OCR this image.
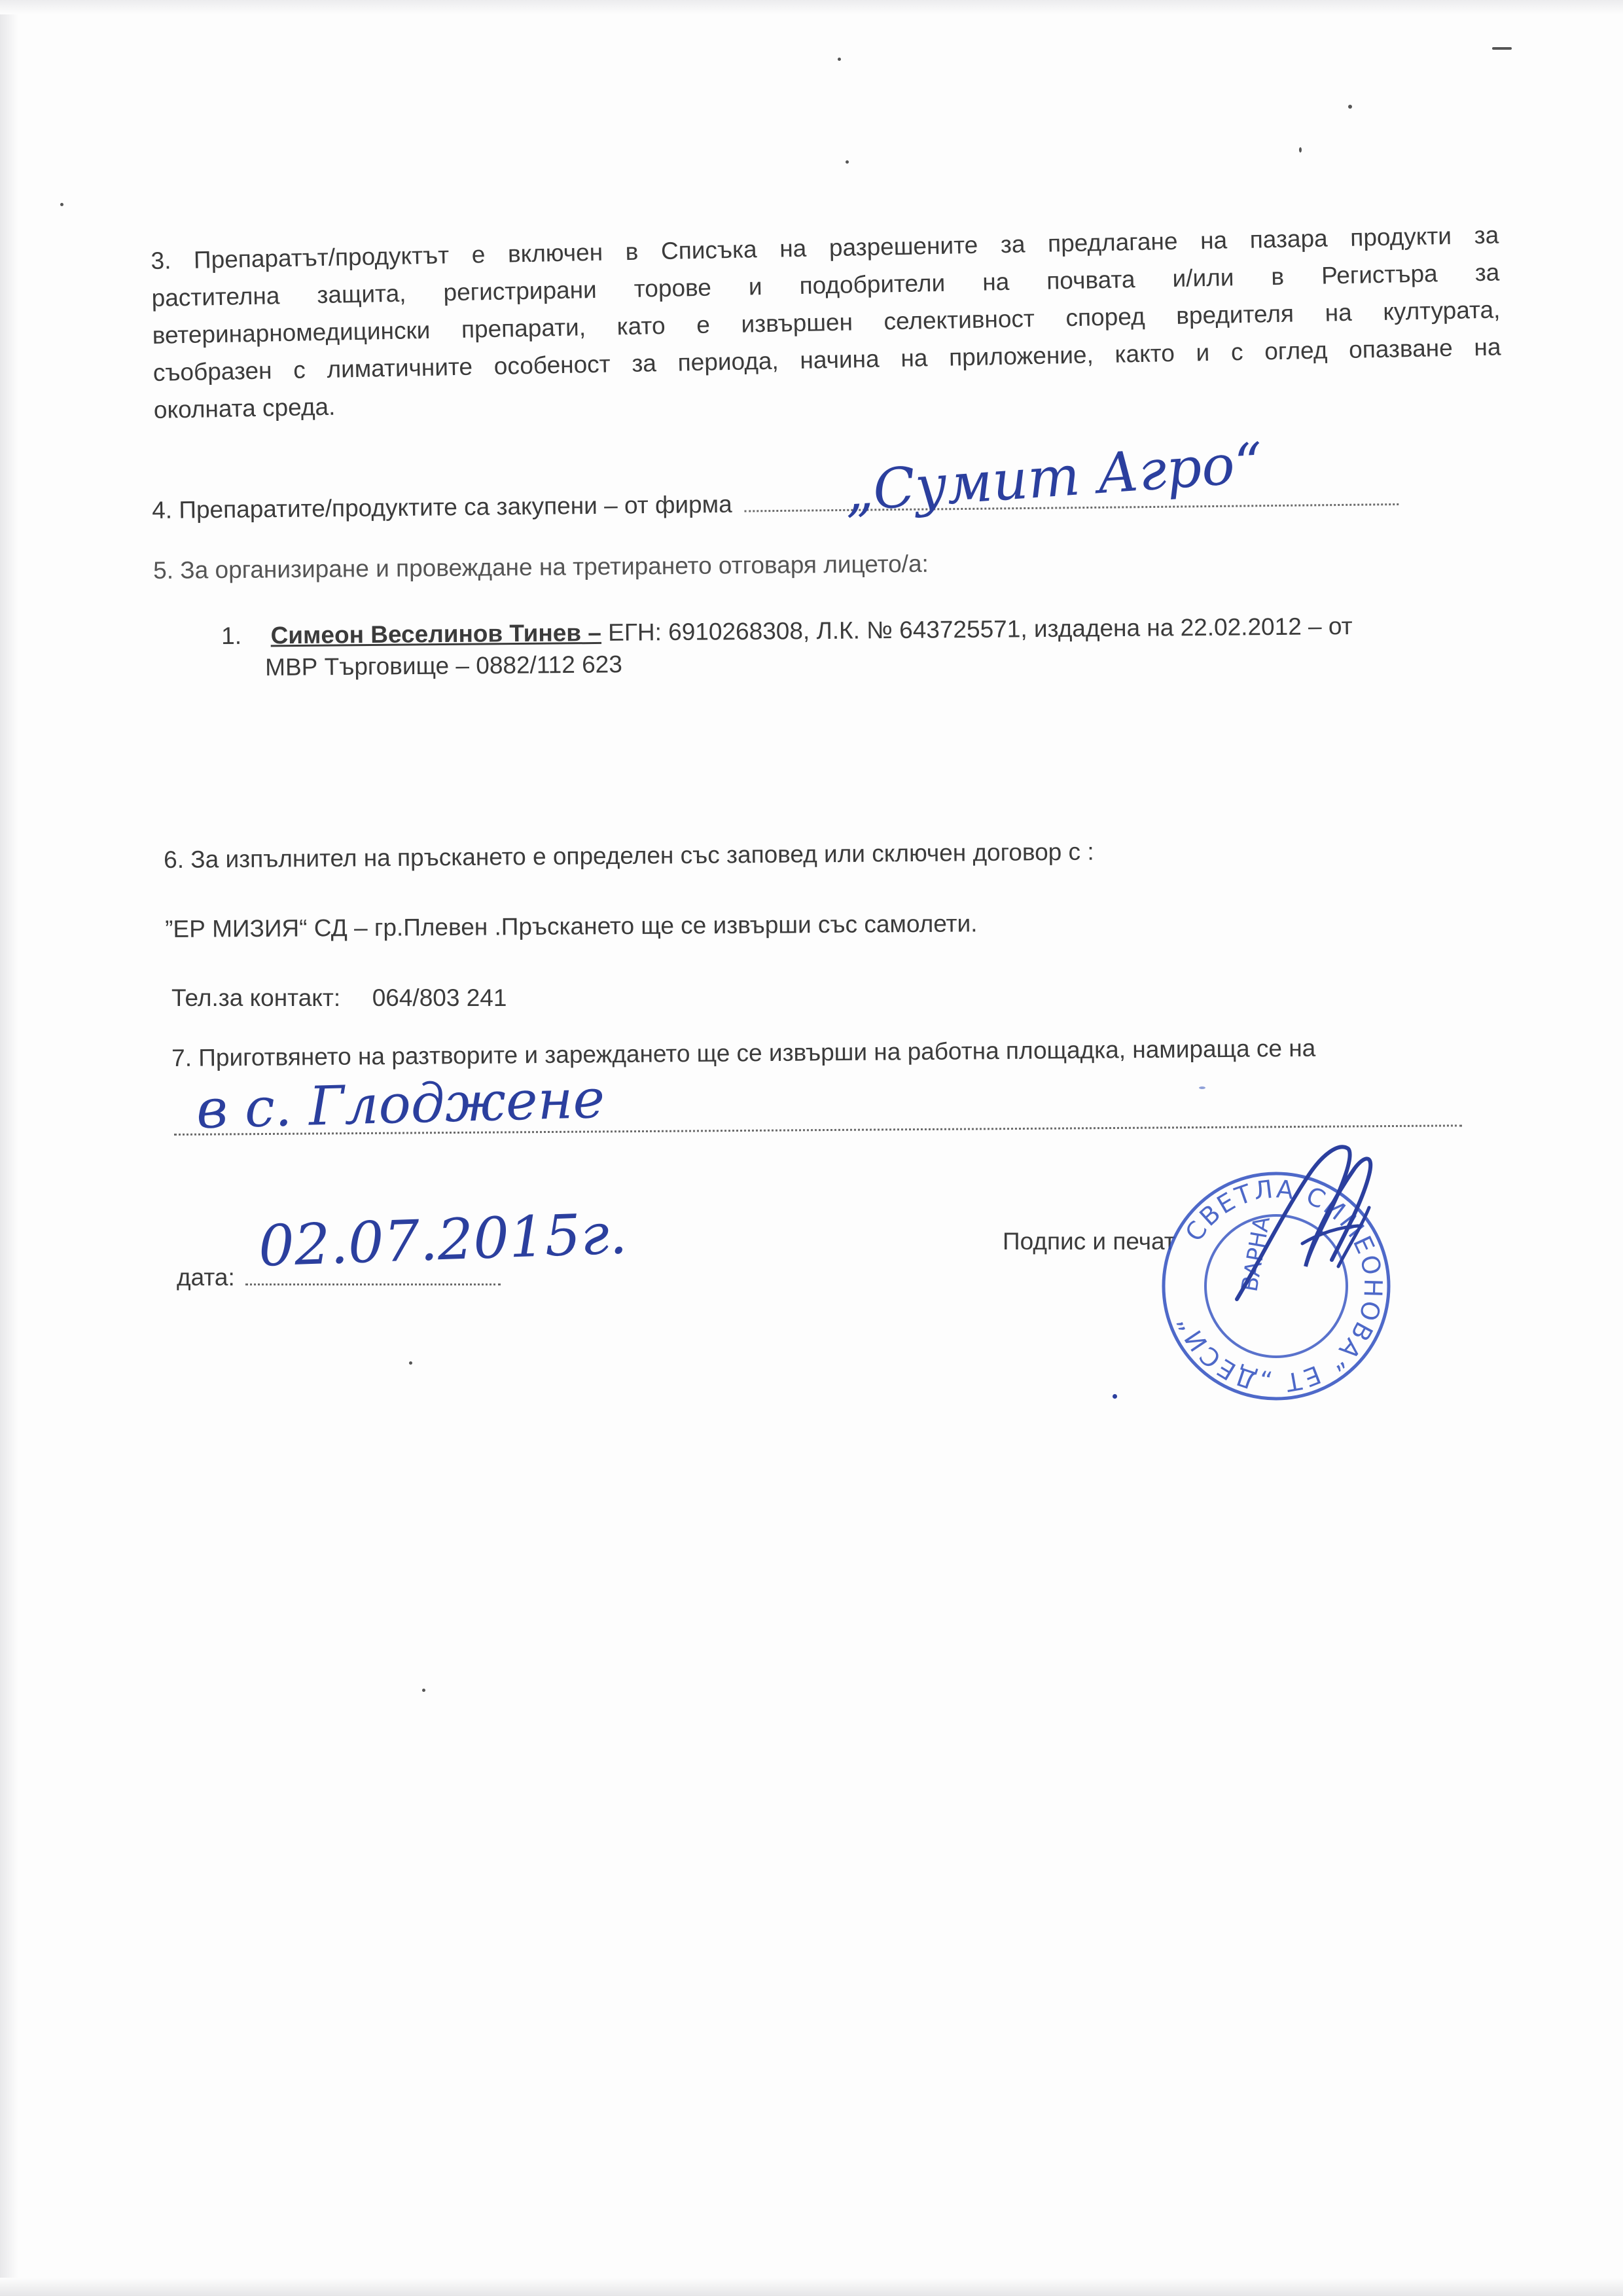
3. Препаратът/продуктът е включен в Списъка на разрешените за предлагане на пазара продукти за
растителна защита, регистрирани торове и подобрители на почвата и/или в Регистъра за
ветеринарномедицински препарати, като е извършен селективност според вредителя на културата,
съобразен с лиматичните особеност за периода, начина на приложение, както и с оглед опазване на
околната среда.
4. Препаратите/продуктите са закупени – от фирма	„Сумит Агро“
5. За организиране и провеждане на третирането отговаря лицето/а:
1. Симеон Веселинов Тинев – ЕГН: 6910268308, Л.К. № 643725571, издадена на 22.02.2012 – от
МВР Търговище – 0882/112 623
6. За изпълнител на пръскането е определен със заповед или сключен договор с :
”ЕР МИЗИЯ“ СД – гр.Плевен .Пръскането ще се извърши със самолети.
Тел.за контакт: 064/803 241
7. Приготвянето на разтворите и зареждането ще се извърши на работна площадка, намираща се на
в с. Глоджене
дата: 02.07.2015г.	Подпис и печат СВЕТЛА СИМЕОНОВА“ ЕТ „ДЕСИ“
ВАРНА
